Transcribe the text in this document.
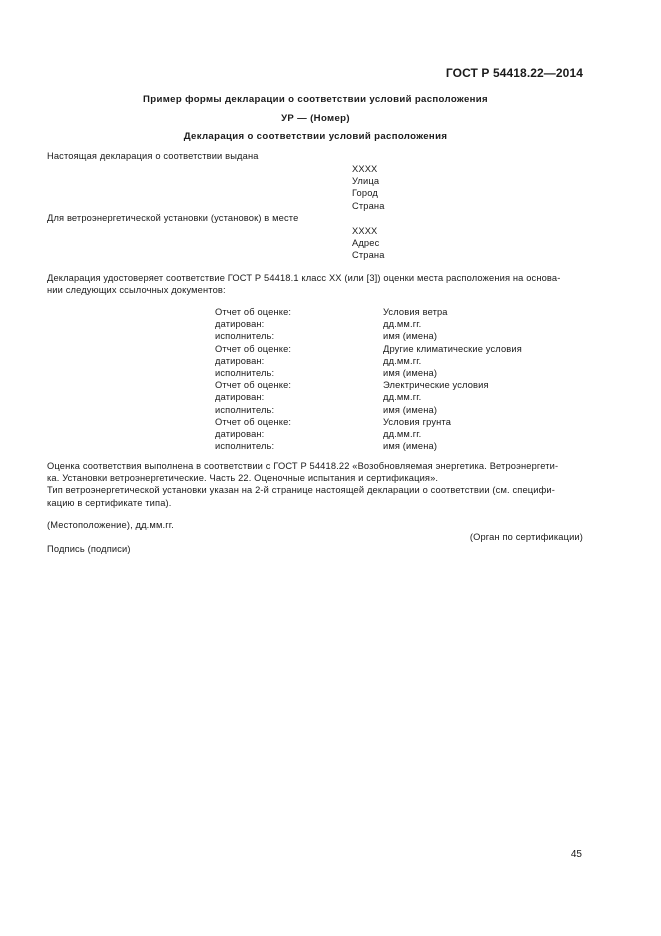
ГОСТ Р 54418.22—2014
Пример формы декларации о соответствии условий расположения
УР — (Номер)
Декларация о соответствии условий расположения
Настоящая декларация о соответствии выдана
XXXX
Улица
Город
Страна
Для ветроэнергетической установки (установок) в месте
XXXX
Адрес
Страна
Декларация удостоверяет соответствие ГОСТ Р 54418.1 класс XX (или [3]) оценки места расположения на основа-
нии следующих ссылочных документов:
Отчет об оценке:
датирован:
исполнитель:
Отчет об оценке:
датирован:
исполнитель:
Отчет об оценке:
датирован:
исполнитель:
Отчет об оценке:
датирован:
исполнитель:
Условия ветра
дд.мм.гг.
имя (имена)
Другие климатические условия
дд.мм.гг.
имя (имена)
Электрические условия
дд.мм.гг.
имя (имена)
Условия грунта
дд.мм.гг.
имя (имена)
Оценка соответствия выполнена в соответствии с ГОСТ Р 54418.22 «Возобновляемая энергетика. Ветроэнергети-
ка. Установки ветроэнергетические. Часть 22. Оценочные испытания и сертификация».
Тип ветроэнергетической установки указан на 2-й странице настоящей декларации о соответствии (см. специфи-
кацию в сертификате типа).
(Местоположение), дд.мм.гг.
(Орган по сертификации)
Подпись (подписи)
45
